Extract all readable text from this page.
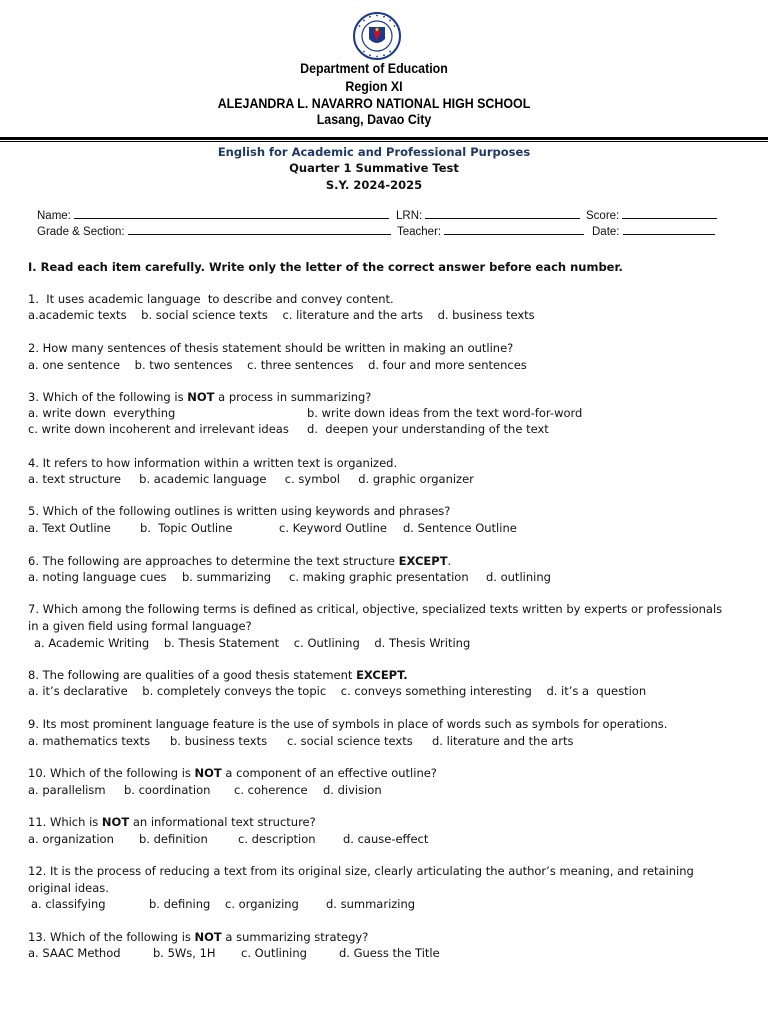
Department of Education
Region XI
ALEJANDRA L. NAVARRO NATIONAL HIGH SCHOOL
Lasang, Davao City
English for Academic and Professional Purposes
Quarter 1 Summative Test
S.Y. 2024-2025
Name:	LRN:	Score:
Grade & Section:	Teacher:	Date:
I. Read each item carefully. Write only the letter of the correct answer before each number.
1.  It uses academic language  to describe and convey content.
a.academic texts    b. social science texts    c. literature and the arts    d. business texts
2. How many sentences of thesis statement should be written in making an outline?
a. one sentence    b. two sentences    c. three sentences    d. four and more sentences
3. Which of the following is NOT a process in summarizing?
a. write down  everything	b. write down ideas from the text word-for-word
c. write down incoherent and irrelevant ideas d.  deepen your understanding of the text
4. It refers to how information within a written text is organized.
a. text structure     b. academic language     c. symbol     d. graphic organizer
5. Which of the following outlines is written using keywords and phrases?
a. Text Outline	b.  Topic Outline	c. Keyword Outline d. Sentence Outline
6. The following are approaches to determine the text structure EXCEPT.
a. noting language cues b. summarizing c. making graphic presentation d. outlining
7. Which among the following terms is defined as critical, objective, specialized texts written by experts or professionals
in a given field using formal language?
a. Academic Writing    b. Thesis Statement    c. Outlining    d. Thesis Writing
8. The following are qualities of a good thesis statement EXCEPT.
a. it’s declarative    b. completely conveys the topic    c. conveys something interesting    d. it’s a  question
9. Its most prominent language feature is the use of symbols in place of words such as symbols for operations.
a. mathematics texts b. business texts c. social science texts d. literature and the arts
10. Which of the following is NOT a component of an effective outline?
a. parallelism b. coordination c. coherence d. division
11. Which is NOT an informational text structure?
a. organization b. definition	c. description d. cause-effect
12. It is the process of reducing a text from its original size, clearly articulating the author’s meaning, and retaining
original ideas.
a. classifying	b. defining c. organizing d. summarizing
13. Which of the following is NOT a summarizing strategy?
a. SAAC Method	b. 5Ws, 1H c. Outlining	d. Guess the Title
